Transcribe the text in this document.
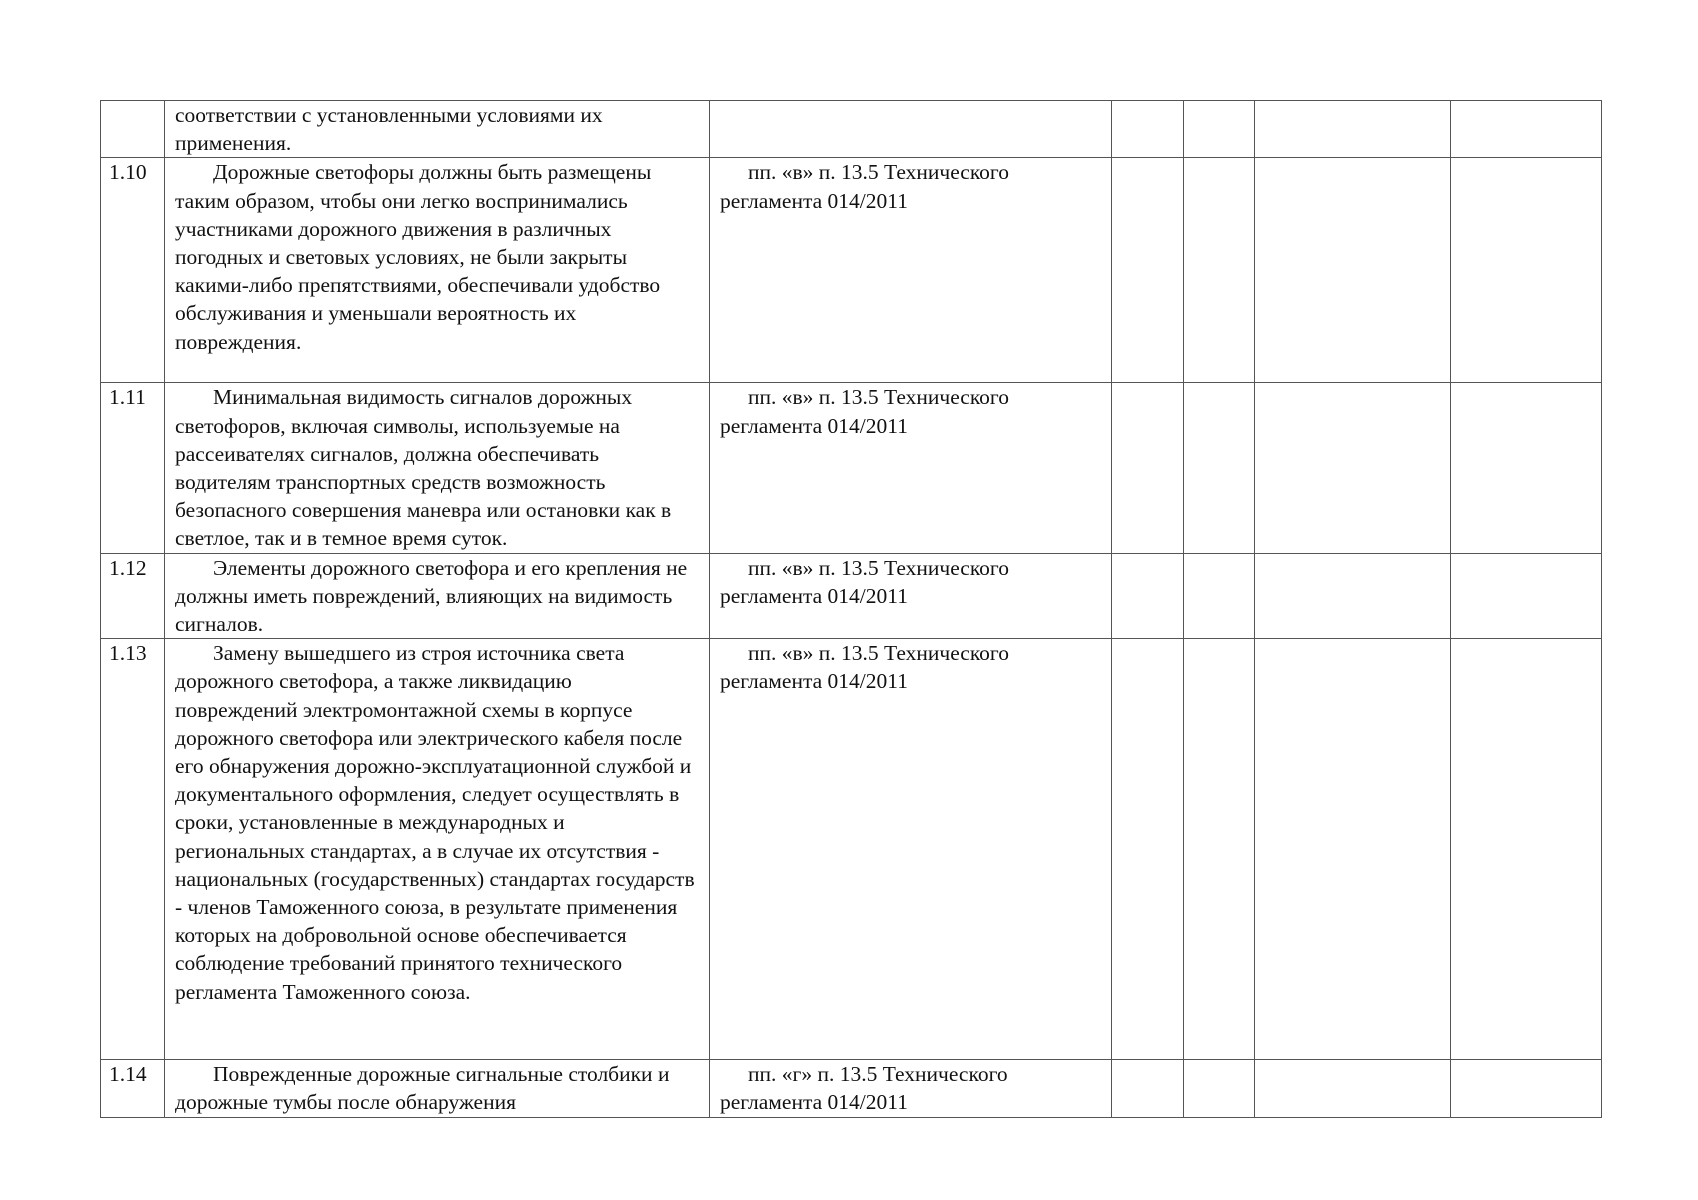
	соответствии с установленными условиями их применения.					

1.10	Дорожные светофоры должны быть размещены таким образом, чтобы они легко воспринимались участниками дорожного движения в различных погодных и световых условиях, не были закрыты какими-либо препятствиями, обеспечивали удобство обслуживания и уменьшали вероятность их повреждения.	пп. «в» п. 13.5 Технического регламента 014/2011				

1.11	Минимальная видимость сигналов дорожных светофоров, включая символы, используемые на рассеивателях сигналов, должна обеспечивать водителям транспортных средств возможность безопасного совершения маневра или остановки как в светлое, так и в темное время суток.	пп. «в» п. 13.5 Технического регламента 014/2011				

1.12	Элементы дорожного светофора и его крепления не должны иметь повреждений, влияющих на видимость сигналов.	пп. «в» п. 13.5 Технического регламента 014/2011				

1.13	Замену вышедшего из строя источника света дорожного светофора, а также ликвидацию повреждений электромонтажной схемы в корпусе дорожного светофора или электрического кабеля после его обнаружения дорожно-эксплуатационной службой и документального оформления, следует осуществлять в сроки, установленные в международных и региональных стандартах, а в случае их отсутствия - национальных (государственных) стандартах государств - членов Таможенного союза, в результате применения которых на добровольной основе обеспечивается соблюдение требований принятого технического регламента Таможенного союза.	пп. «в» п. 13.5 Технического регламента 014/2011				

1.14	Поврежденные дорожные сигнальные столбики и дорожные тумбы после обнаружения	пп. «г» п. 13.5 Технического регламента 014/2011				
